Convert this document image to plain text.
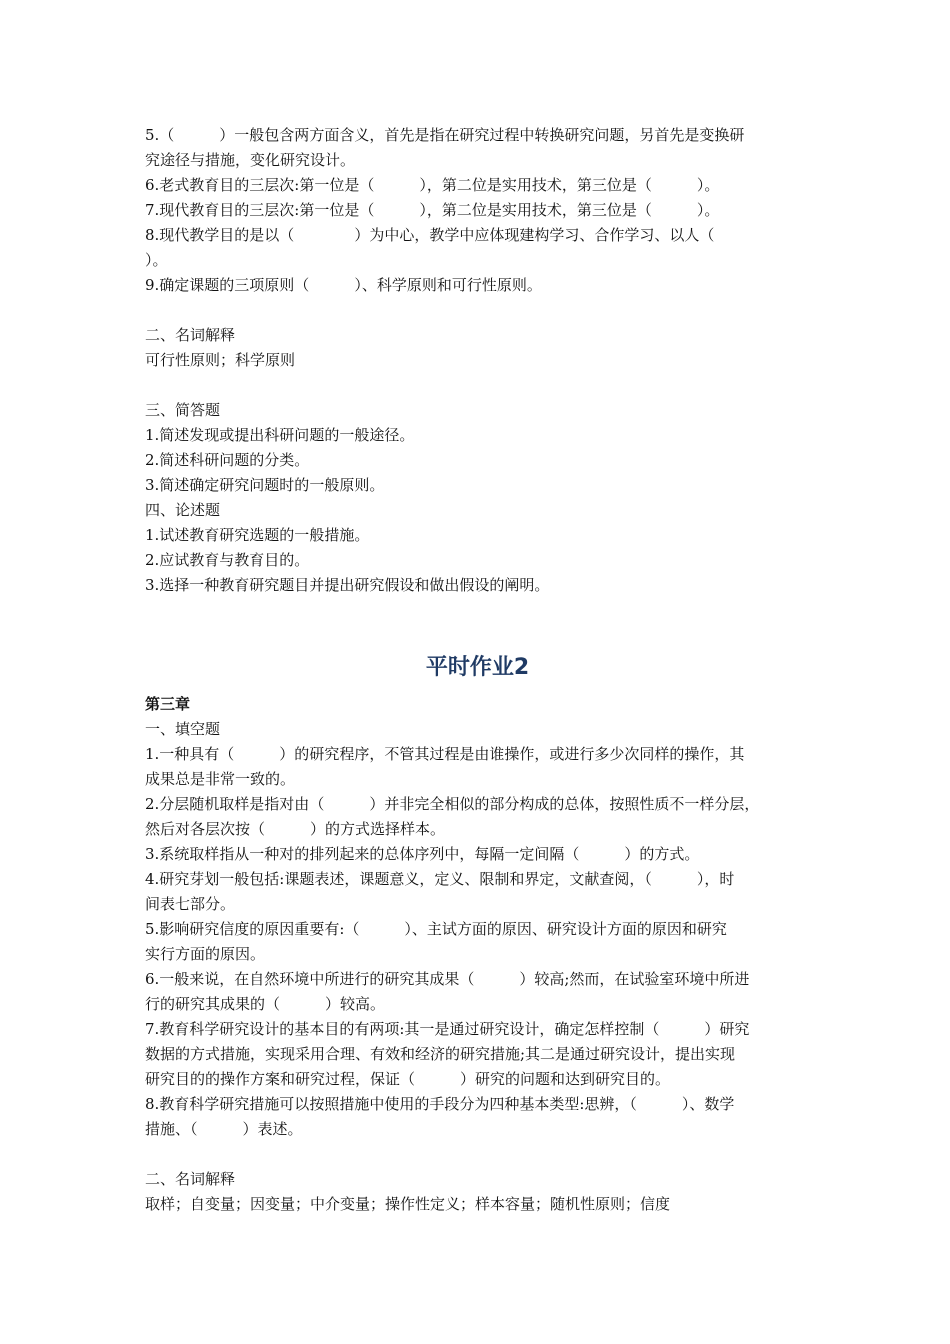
5.（　　　）一般包含两方面含义，首先是指在研究过程中转换研究问题，另首先是变换研

究途径与措施，变化研究设计。

6.老式教育目的三层次:第一位是（　　　），第二位是实用技术，第三位是（　　　）。

7.现代教育目的三层次:第一位是（　　　），第二位是实用技术，第三位是（　　　）。

8.现代教学目的是以（　　　　）为中心，教学中应体现建构学习、合作学习、以人（

）。

9.确定课题的三项原则（　　　）、科学原则和可行性原则。

二、名词解释

可行性原则；科学原则

三、简答题

1.简述发现或提出科研问题的一般途径。

2.简述科研问题的分类。

3.简述确定研究问题时的一般原则。

四、论述题

1.试述教育研究选题的一般措施。

2.应试教育与教育目的。

3.选择一种教育研究题目并提出研究假设和做出假设的阐明。

平时作业2

第三章

一、填空题

1.一种具有（　　　）的研究程序，不管其过程是由谁操作，或进行多少次同样的操作，其

成果总是非常一致的。

2.分层随机取样是指对由（　　　）并非完全相似的部分构成的总体，按照性质不一样分层，

然后对各层次按（　　　）的方式选择样本。

3.系统取样指从一种对的排列起来的总体序列中，每隔一定间隔（　　　）的方式。

4.研究芽划一般包括:课题表述，课题意义，定义、限制和界定，文献查阅，（　　　），时

间表七部分。

5.影响研究信度的原因重要有:（　　　）、主试方面的原因、研究设计方面的原因和研究

实行方面的原因。

6.一般来说，在自然环境中所进行的研究其成果（　　　）较高;然而，在试验室环境中所进

行的研究其成果的（　　　）较高。

7.教育科学研究设计的基本目的有两项:其一是通过研究设计，确定怎样控制（　　　）研究

数据的方式措施，实现采用合理、有效和经济的研究措施;其二是通过研究设计，提出实现

研究目的的操作方案和研究过程，保证（　　　）研究的问题和达到研究目的。

8.教育科学研究措施可以按照措施中使用的手段分为四种基本类型:思辨，（　　　）、数学

措施、（　　　）表述。

二、名词解释

取样；自变量；因变量；中介变量；操作性定义；样本容量；随机性原则；信度
